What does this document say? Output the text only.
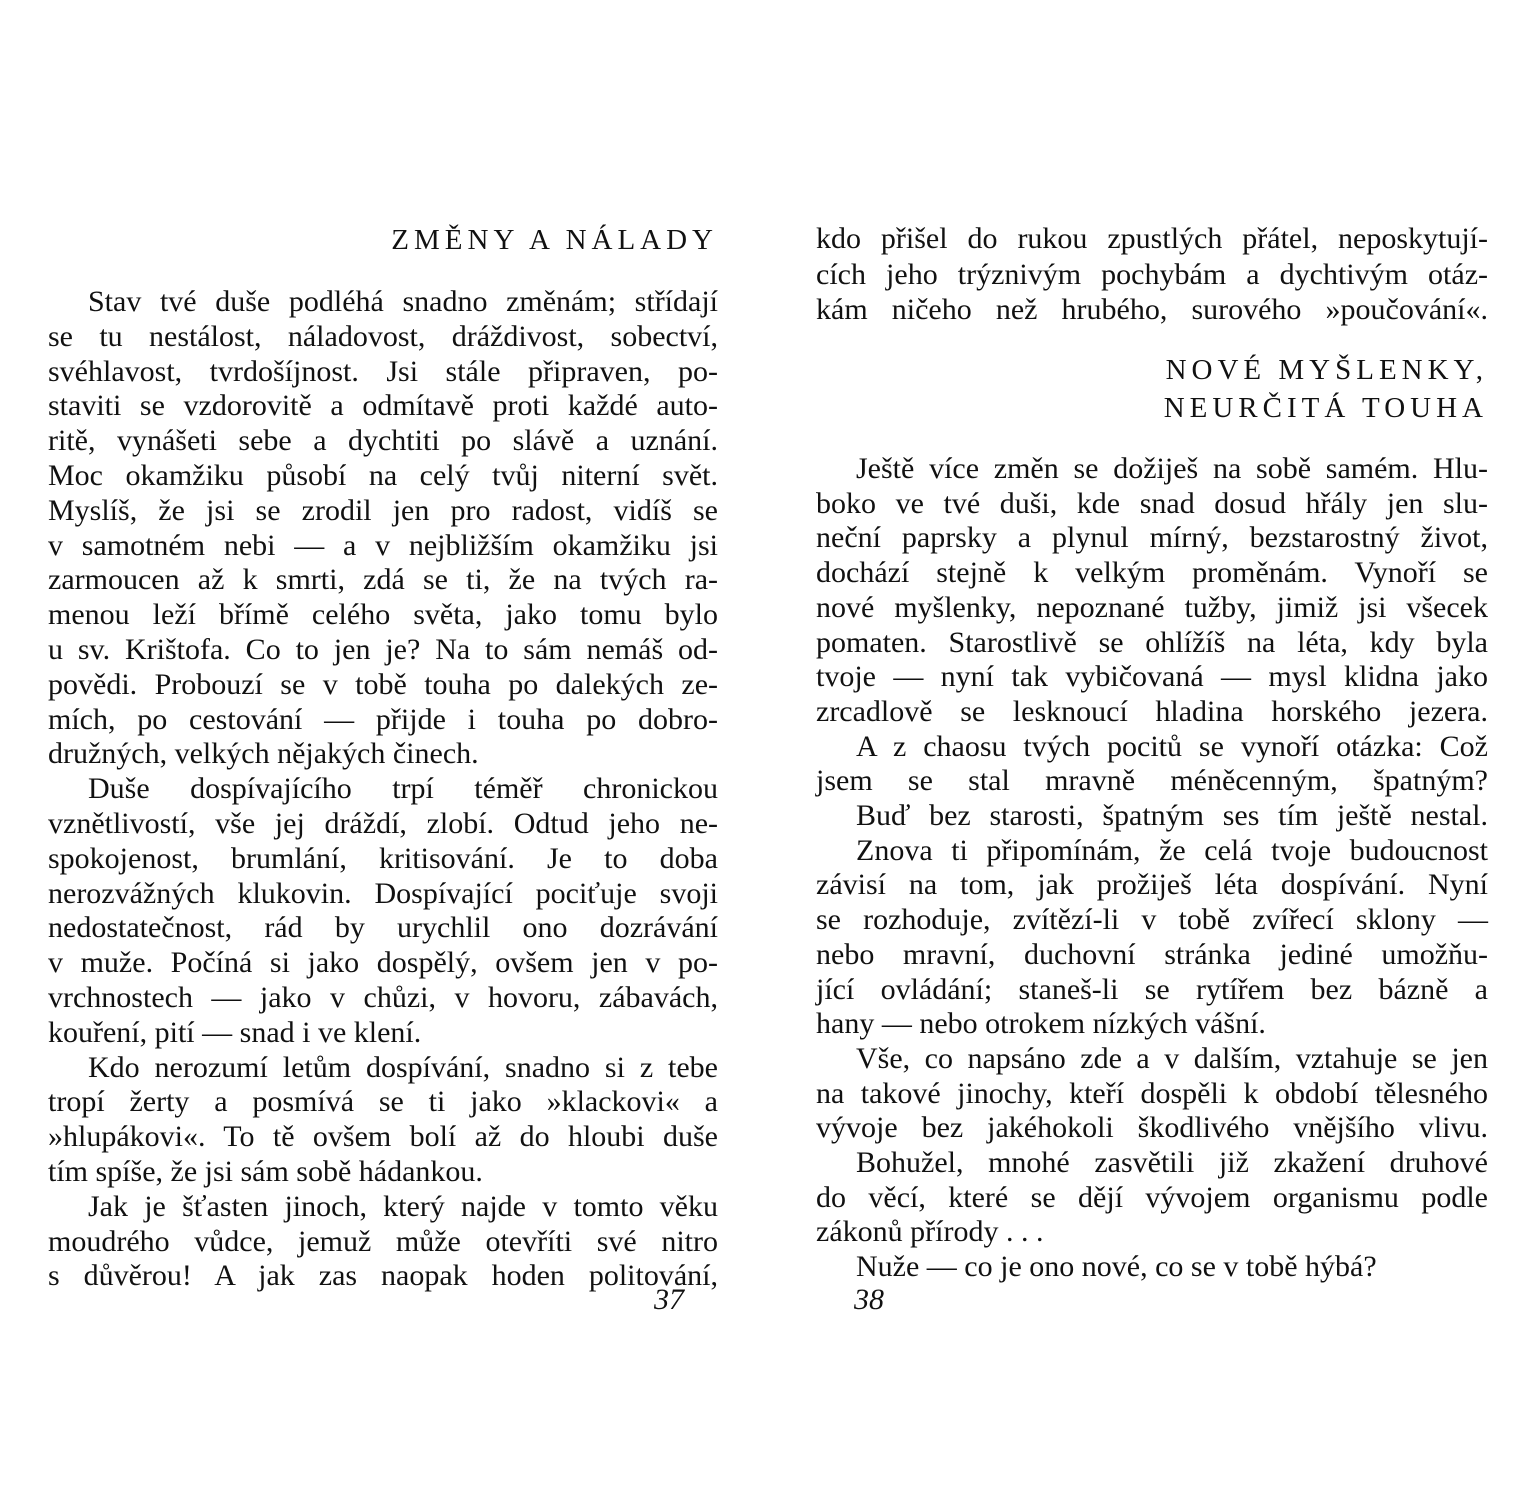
ZMĚNY A NÁLADY
Stav tvé duše podléhá snadno změnám; střídají
se tu nestálost, náladovost, dráždivost, sobectví,
svéhlavost, tvrdošíjnost. Jsi stále připraven, po-
staviti se vzdorovitě a odmítavě proti každé auto-
ritě, vynášeti sebe a dychtiti po slávě a uznání.
Moc okamžiku působí na celý tvůj niterní svět.
Myslíš, že jsi se zrodil jen pro radost, vidíš se
v samotném nebi — a v nejbližším okamžiku jsi
zarmoucen až k smrti, zdá se ti, že na tvých ra-
menou leží břímě celého světa, jako tomu bylo
u sv. Krištofa. Co to jen je? Na to sám nemáš od-
povědi. Probouzí se v tobě touha po dalekých ze-
mích, po cestování — přijde i touha po dobro-
družných, velkých nějakých činech.
Duše dospívajícího trpí téměř chronickou
vznětlivostí, vše jej dráždí, zlobí. Odtud jeho ne-
spokojenost, brumlání, kritisování. Je to doba
nerozvážných klukovin. Dospívající pociťuje svoji
nedostatečnost, rád by urychlil ono dozrávání
v muže. Počíná si jako dospělý, ovšem jen v po-
vrchnostech — jako v chůzi, v hovoru, zábavách,
kouření, pití — snad i ve klení.
Kdo nerozumí letům dospívání, snadno si z tebe
tropí žerty a posmívá se ti jako »klackovi« a
»hlupákovi«. To tě ovšem bolí až do hloubi duše
tím spíše, že jsi sám sobě hádankou.
Jak je šťasten jinoch, který najde v tomto věku
moudrého vůdce, jemuž může otevříti své nitro
s důvěrou! A jak zas naopak hoden politování,
37
kdo přišel do rukou zpustlých přátel, neposkytují-
cích jeho trýznivým pochybám a dychtivým otáz-
kám ničeho než hrubého, surového »poučování«.
NOVÉ MYŠLENKY,
NEURČITÁ TOUHA
Ještě více změn se dožiješ na sobě samém. Hlu-
boko ve tvé duši, kde snad dosud hřály jen slu-
neční paprsky a plynul mírný, bezstarostný život,
dochází stejně k velkým proměnám. Vynoří se
nové myšlenky, nepoznané tužby, jimiž jsi všecek
pomaten. Starostlivě se ohlížíš na léta, kdy byla
tvoje — nyní tak vybičovaná — mysl klidna jako
zrcadlově se lesknoucí hladina horského jezera.
A z chaosu tvých pocitů se vynoří otázka: Což
jsem se stal mravně méněcenným, špatným?
Buď bez starosti, špatným ses tím ještě nestal.
Znova ti připomínám, že celá tvoje budoucnost
závisí na tom, jak prožiješ léta dospívání. Nyní
se rozhoduje, zvítězí-li v tobě zvířecí sklony —
nebo mravní, duchovní stránka jediné umožňu-
jící ovládání; staneš-li se rytířem bez bázně a
hany — nebo otrokem nízkých vášní.
Vše, co napsáno zde a v dalším, vztahuje se jen
na takové jinochy, kteří dospěli k období tělesného
vývoje bez jakéhokoli škodlivého vnějšího vlivu.
Bohužel, mnohé zasvětili již zkažení druhové
do věcí, které se dějí vývojem organismu podle
zákonů přírody . . .
Nuže — co je ono nové, co se v tobě hýbá?
38
